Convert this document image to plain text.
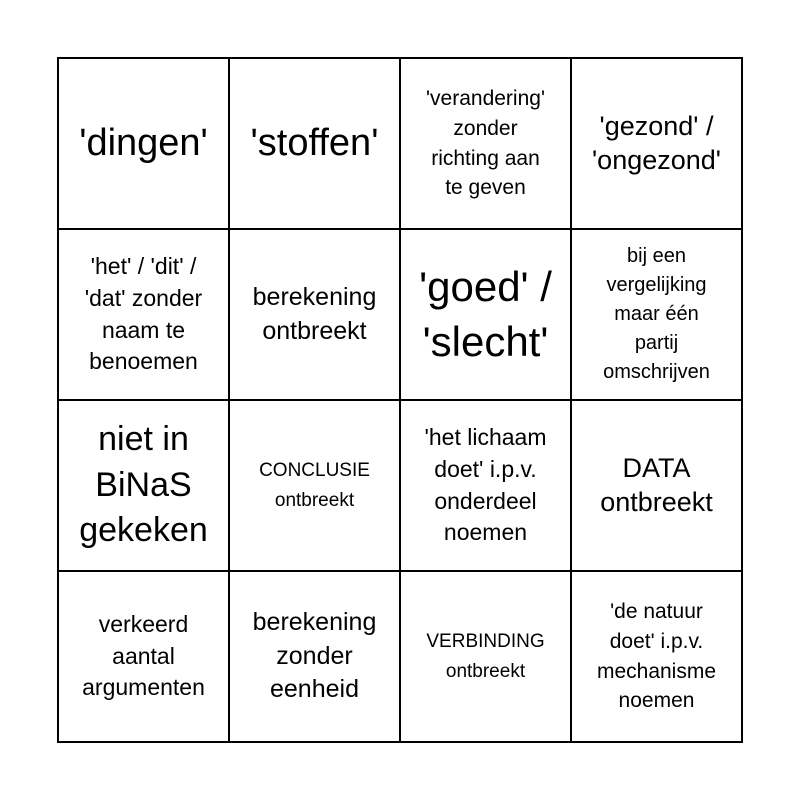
'dingen' 'stoffen'
'verandering'
zonder
richting aan
te geven
'gezond' /
'ongezond'
'het' / 'dit' /
'dat' zonder
naam te
benoemen
berekening
ontbreekt
'goed' /
'slecht'
bij een
vergelijking
maar één
partij
omschrijven
niet in
BiNaS
gekeken
CONCLUSIE
ontbreekt
'het lichaam
doet' i.p.v.
onderdeel
noemen
DATA
ontbreekt
verkeerd
aantal
argumenten
berekening
zonder
eenheid
VERBINDING
ontbreekt
'de natuur
doet' i.p.v.
mechanisme
noemen
